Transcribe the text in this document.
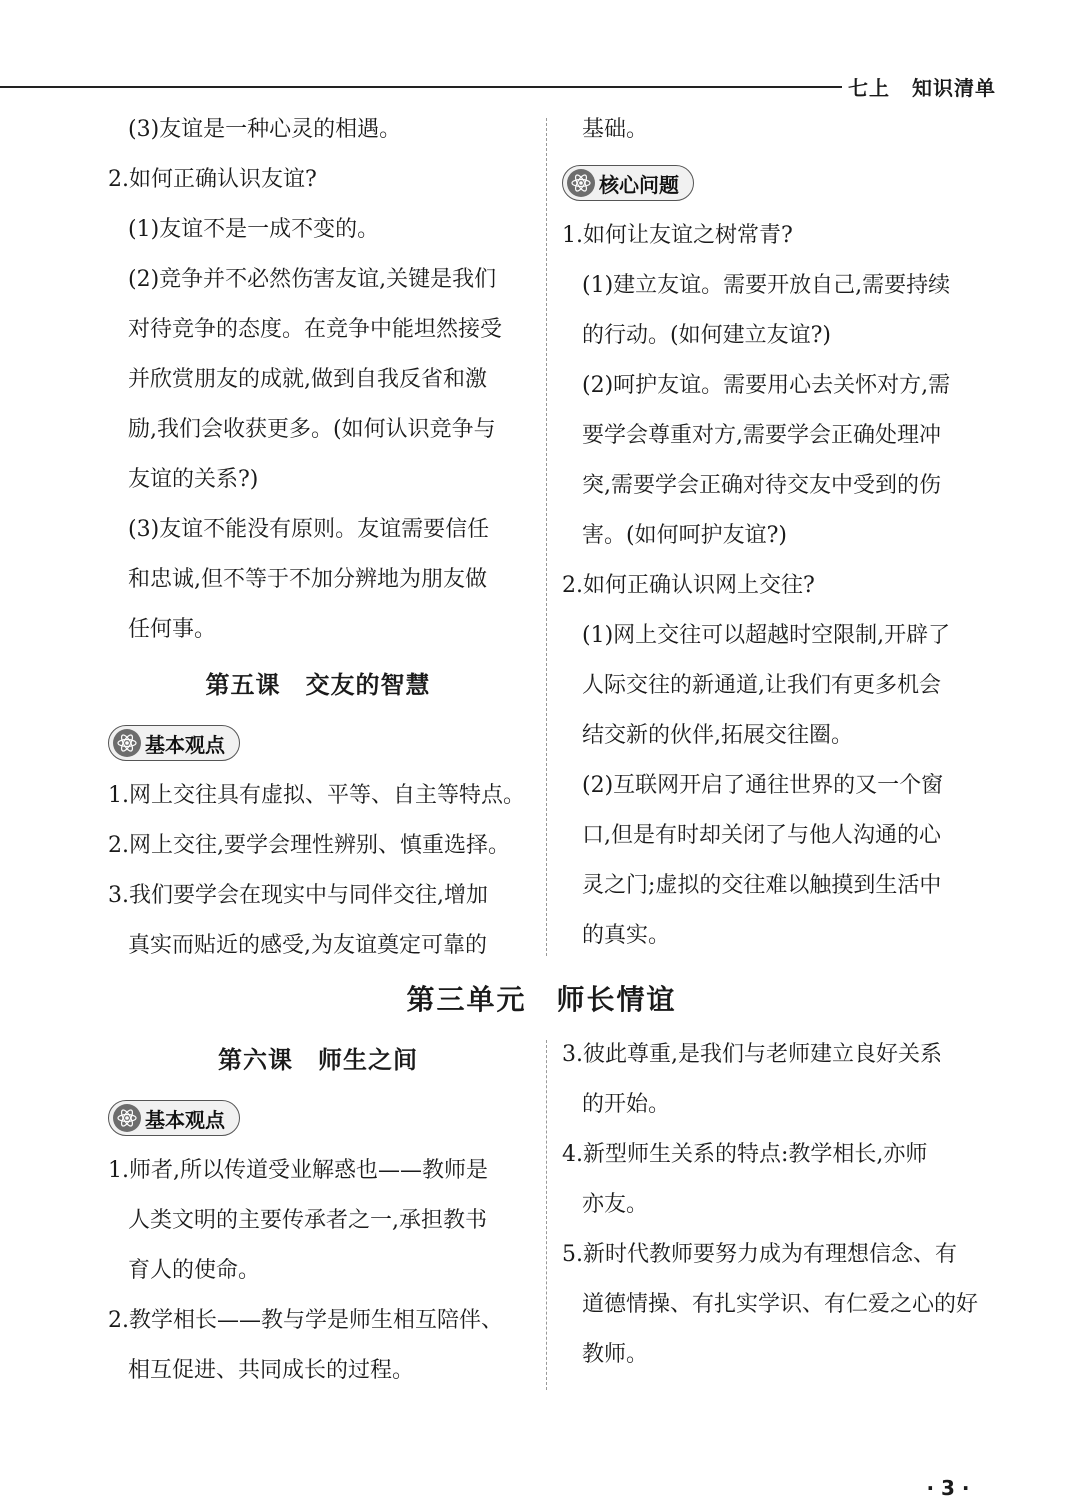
七上 知识清单
(3)友谊是一种心灵的相遇。
2.如何正确认识友谊?
(1)友谊不是一成不变的。
(2)竞争并不必然伤害友谊,关键是我们
对待竞争的态度。在竞争中能坦然接受
并欣赏朋友的成就,做到自我反省和激
励,我们会收获更多。(如何认识竞争与
友谊的关系?)
(3)友谊不能没有原则。友谊需要信任
和忠诚,但不等于不加分辨地为朋友做
任何事。
第五课　交友的智慧
基本观点
1.网上交往具有虚拟、平等、自主等特点。
2.网上交往,要学会理性辨别、慎重选择。
3.我们要学会在现实中与同伴交往,增加
真实而贴近的感受,为友谊奠定可靠的
基础。
核心问题
1.如何让友谊之树常青?
(1)建立友谊。需要开放自己,需要持续
的行动。(如何建立友谊?)
(2)呵护友谊。需要用心去关怀对方,需
要学会尊重对方,需要学会正确处理冲
突,需要学会正确对待交友中受到的伤
害。(如何呵护友谊?)
2.如何正确认识网上交往?
(1)网上交往可以超越时空限制,开辟了
人际交往的新通道,让我们有更多机会
结交新的伙伴,拓展交往圈。
(2)互联网开启了通往世界的又一个窗
口,但是有时却关闭了与他人沟通的心
灵之门;虚拟的交往难以触摸到生活中
的真实。
第三单元　师长情谊
第六课　师生之间
基本观点
1.师者,所以传道受业解惑也——教师是
人类文明的主要传承者之一,承担教书
育人的使命。
2.教学相长——教与学是师生相互陪伴、
相互促进、共同成长的过程。
3.彼此尊重,是我们与老师建立良好关系
的开始。
4.新型师生关系的特点:教学相长,亦师
亦友。
5.新时代教师要努力成为有理想信念、有
道德情操、有扎实学识、有仁爱之心的好
教师。
· 3 ·
